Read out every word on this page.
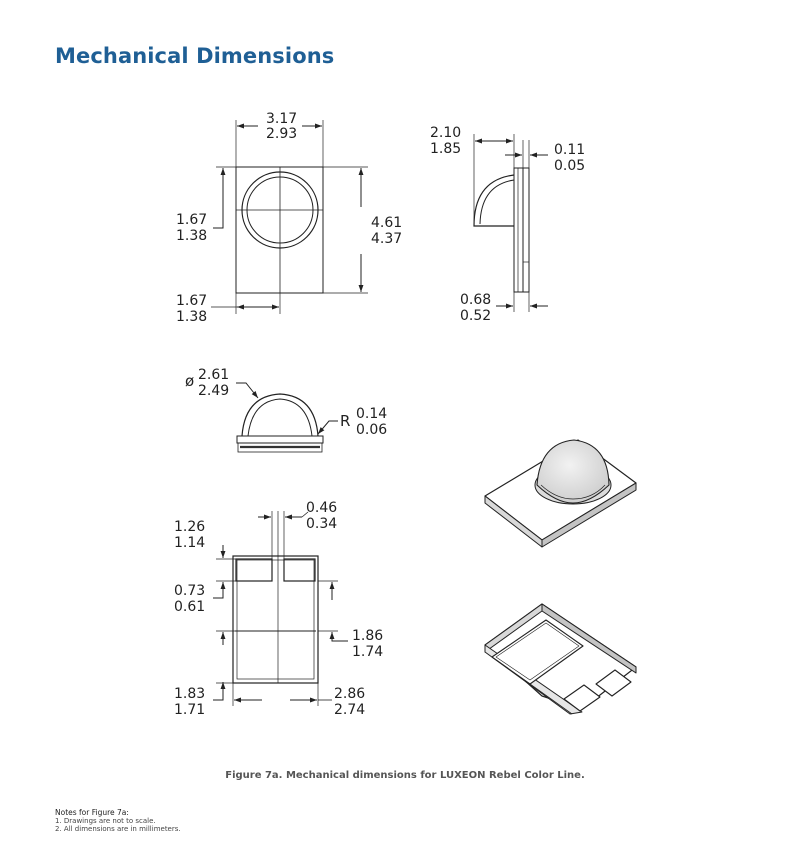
Mechanical Dimensions
3.17
2.93
4.61
4.37
1.67
1.38
1.67
1.38
2.10
1.85	0.11
0.05
0.68
0.52
ø 2.61
2.49
R 0.14
0.06
0.46
0.34
1.26
1.14
0.73
0.61
1.86
1.74
1.83
1.71
2.86
2.74
Figure 7a. Mechanical dimensions for LUXEON Rebel Color Line.
Notes for Figure 7a:
1. Drawings are not to scale.
2. All dimensions are in millimeters.
